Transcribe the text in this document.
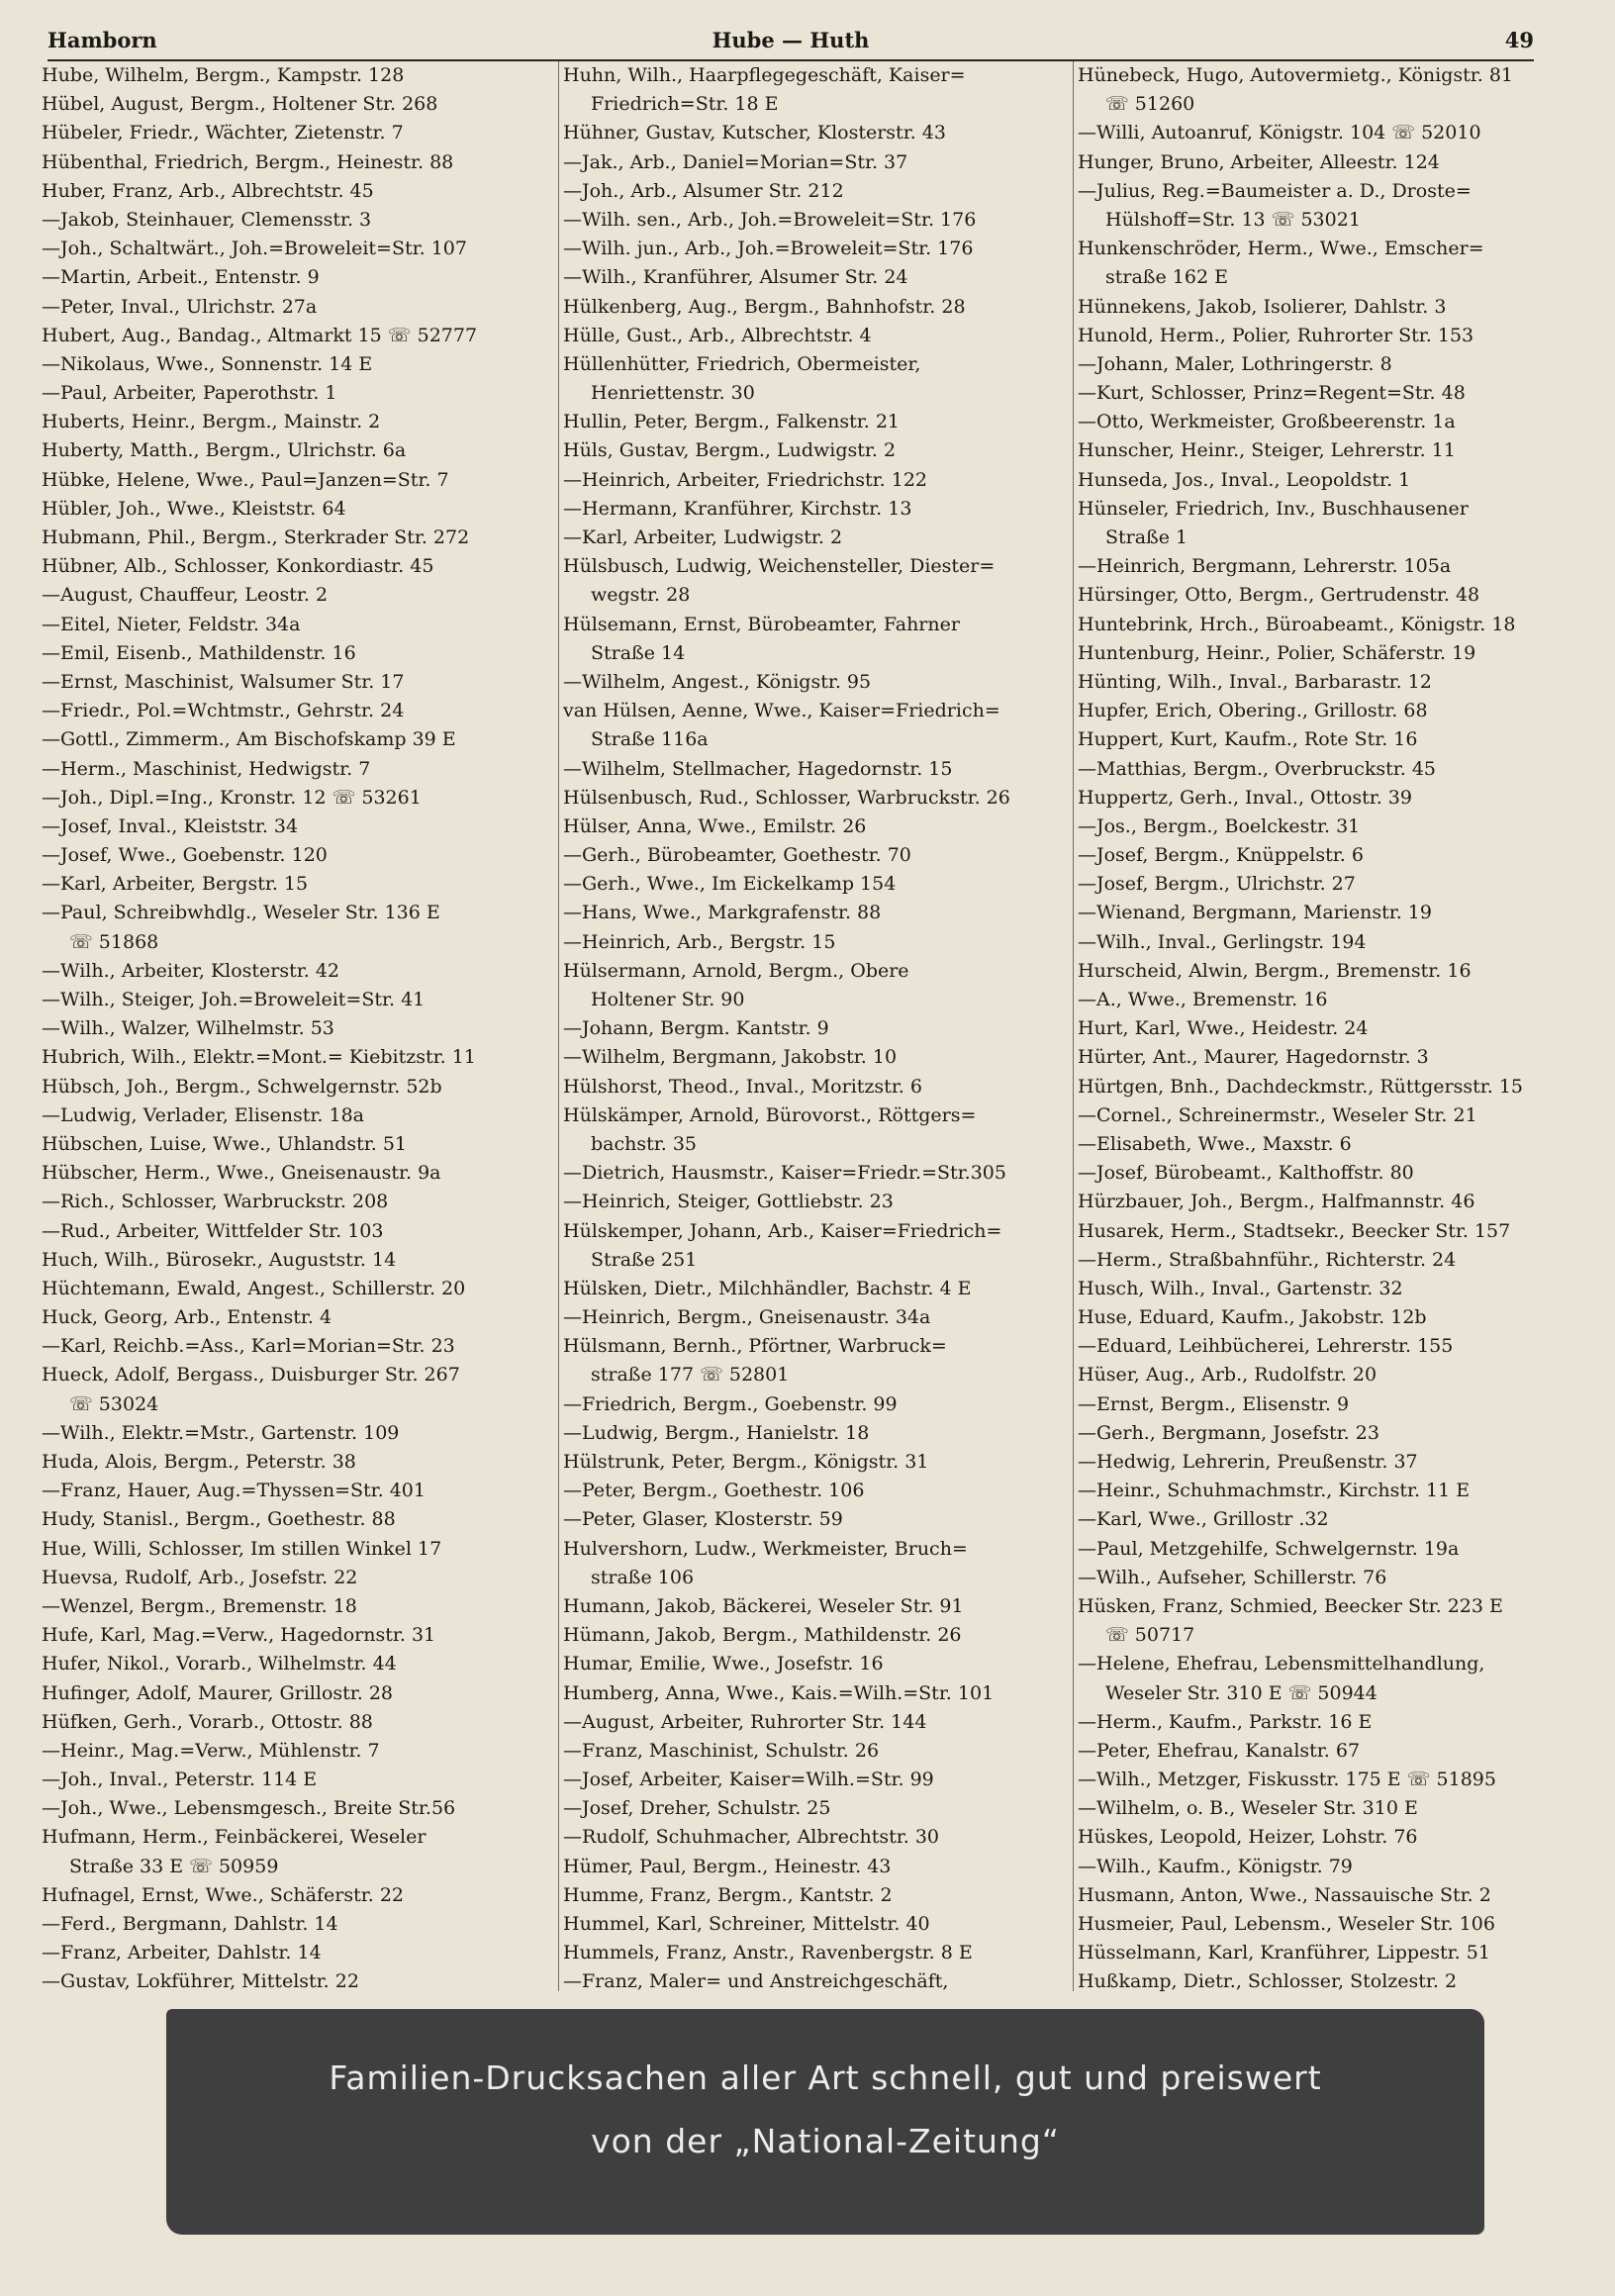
Hamborn	Hube — Huth	49
Hube, Wilhelm, Bergm., Kampstr. 128
Hübel, August, Bergm., Holtener Str. 268
Hübeler, Friedr., Wächter, Zietenstr. 7
Hübenthal, Friedrich, Bergm., Heinestr. 88
Huber, Franz, Arb., Albrechtstr. 45
—Jakob, Steinhauer, Clemensstr. 3
—Joh., Schaltwärt., Joh.=Broweleit=Str. 107
—Martin, Arbeit., Entenstr. 9
—Peter, Inval., Ulrichstr. 27a
Hubert, Aug., Bandag., Altmarkt 15 ☏ 52777
—Nikolaus, Wwe., Sonnenstr. 14 E
—Paul, Arbeiter, Paperothstr. 1
Huberts, Heinr., Bergm., Mainstr. 2
Huberty, Matth., Bergm., Ulrichstr. 6a
Hübke, Helene, Wwe., Paul=Janzen=Str. 7
Hübler, Joh., Wwe., Kleiststr. 64
Hubmann, Phil., Bergm., Sterkrader Str. 272
Hübner, Alb., Schlosser, Konkordiastr. 45
—August, Chauffeur, Leostr. 2
—Eitel, Nieter, Feldstr. 34a
—Emil, Eisenb., Mathildenstr. 16
—Ernst, Maschinist, Walsumer Str. 17
—Friedr., Pol.=Wchtmstr., Gehrstr. 24
—Gottl., Zimmerm., Am Bischofskamp 39 E
—Herm., Maschinist, Hedwigstr. 7
—Joh., Dipl.=Ing., Kronstr. 12 ☏ 53261
—Josef, Inval., Kleiststr. 34
—Josef, Wwe., Goebenstr. 120
—Karl, Arbeiter, Bergstr. 15
—Paul, Schreibwhdlg., Weseler Str. 136 E
☏ 51868
—Wilh., Arbeiter, Klosterstr. 42
—Wilh., Steiger, Joh.=Broweleit=Str. 41
—Wilh., Walzer, Wilhelmstr. 53
Hubrich, Wilh., Elektr.=Mont.= Kiebitzstr. 11
Hübsch, Joh., Bergm., Schwelgernstr. 52b
—Ludwig, Verlader, Elisenstr. 18a
Hübschen, Luise, Wwe., Uhlandstr. 51
Hübscher, Herm., Wwe., Gneisenaustr. 9a
—Rich., Schlosser, Warbruckstr. 208
—Rud., Arbeiter, Wittfelder Str. 103
Huch, Wilh., Bürosekr., Auguststr. 14
Hüchtemann, Ewald, Angest., Schillerstr. 20
Huck, Georg, Arb., Entenstr. 4
—Karl, Reichb.=Ass., Karl=Morian=Str. 23
Hueck, Adolf, Bergass., Duisburger Str. 267
☏ 53024
—Wilh., Elektr.=Mstr., Gartenstr. 109
Huda, Alois, Bergm., Peterstr. 38
—Franz, Hauer, Aug.=Thyssen=Str. 401
Hudy, Stanisl., Bergm., Goethestr. 88
Hue, Willi, Schlosser, Im stillen Winkel 17
Huevsa, Rudolf, Arb., Josefstr. 22
—Wenzel, Bergm., Bremenstr. 18
Hufe, Karl, Mag.=Verw., Hagedornstr. 31
Hufer, Nikol., Vorarb., Wilhelmstr. 44
Hufinger, Adolf, Maurer, Grillostr. 28
Hüfken, Gerh., Vorarb., Ottostr. 88
—Heinr., Mag.=Verw., Mühlenstr. 7
—Joh., Inval., Peterstr. 114 E
—Joh., Wwe., Lebensmgesch., Breite Str.56
Hufmann, Herm., Feinbäckerei, Weseler
Straße 33 E ☏ 50959
Hufnagel, Ernst, Wwe., Schäferstr. 22
—Ferd., Bergmann, Dahlstr. 14
—Franz, Arbeiter, Dahlstr. 14
—Gustav, Lokführer, Mittelstr. 22
Huhn, Wilh., Haarpflegegeschäft, Kaiser=
Friedrich=Str. 18 E
Hühner, Gustav, Kutscher, Klosterstr. 43
—Jak., Arb., Daniel=Morian=Str. 37
—Joh., Arb., Alsumer Str. 212
—Wilh. sen., Arb., Joh.=Broweleit=Str. 176
—Wilh. jun., Arb., Joh.=Broweleit=Str. 176
—Wilh., Kranführer, Alsumer Str. 24
Hülkenberg, Aug., Bergm., Bahnhofstr. 28
Hülle, Gust., Arb., Albrechtstr. 4
Hüllenhütter, Friedrich, Obermeister,
Henriettenstr. 30
Hullin, Peter, Bergm., Falkenstr. 21
Hüls, Gustav, Bergm., Ludwigstr. 2
—Heinrich, Arbeiter, Friedrichstr. 122
—Hermann, Kranführer, Kirchstr. 13
—Karl, Arbeiter, Ludwigstr. 2
Hülsbusch, Ludwig, Weichensteller, Diester=
wegstr. 28
Hülsemann, Ernst, Bürobeamter, Fahrner
Straße 14
—Wilhelm, Angest., Königstr. 95
van Hülsen, Aenne, Wwe., Kaiser=Friedrich=
Straße 116a
—Wilhelm, Stellmacher, Hagedornstr. 15
Hülsenbusch, Rud., Schlosser, Warbruckstr. 26
Hülser, Anna, Wwe., Emilstr. 26
—Gerh., Bürobeamter, Goethestr. 70
—Gerh., Wwe., Im Eickelkamp 154
—Hans, Wwe., Markgrafenstr. 88
—Heinrich, Arb., Bergstr. 15
Hülsermann, Arnold, Bergm., Obere
Holtener Str. 90
—Johann, Bergm. Kantstr. 9
—Wilhelm, Bergmann, Jakobstr. 10
Hülshorst, Theod., Inval., Moritzstr. 6
Hülskämper, Arnold, Bürovorst., Röttgers=
bachstr. 35
—Dietrich, Hausmstr., Kaiser=Friedr.=Str.305
—Heinrich, Steiger, Gottliebstr. 23
Hülskemper, Johann, Arb., Kaiser=Friedrich=
Straße 251
Hülsken, Dietr., Milchhändler, Bachstr. 4 E
—Heinrich, Bergm., Gneisenaustr. 34a
Hülsmann, Bernh., Pförtner, Warbruck=
straße 177 ☏ 52801
—Friedrich, Bergm., Goebenstr. 99
—Ludwig, Bergm., Hanielstr. 18
Hülstrunk, Peter, Bergm., Königstr. 31
—Peter, Bergm., Goethestr. 106
—Peter, Glaser, Klosterstr. 59
Hulvershorn, Ludw., Werkmeister, Bruch=
straße 106
Humann, Jakob, Bäckerei, Weseler Str. 91
Hümann, Jakob, Bergm., Mathildenstr. 26
Humar, Emilie, Wwe., Josefstr. 16
Humberg, Anna, Wwe., Kais.=Wilh.=Str. 101
—August, Arbeiter, Ruhrorter Str. 144
—Franz, Maschinist, Schulstr. 26
—Josef, Arbeiter, Kaiser=Wilh.=Str. 99
—Josef, Dreher, Schulstr. 25
—Rudolf, Schuhmacher, Albrechtstr. 30
Hümer, Paul, Bergm., Heinestr. 43
Humme, Franz, Bergm., Kantstr. 2
Hummel, Karl, Schreiner, Mittelstr. 40
Hummels, Franz, Anstr., Ravenbergstr. 8 E
—Franz, Maler= und Anstreichgeschäft,
Hünebeck, Hugo, Autovermietg., Königstr. 81
☏ 51260
—Willi, Autoanruf, Königstr. 104 ☏ 52010
Hunger, Bruno, Arbeiter, Alleestr. 124
—Julius, Reg.=Baumeister a. D., Droste=
Hülshoff=Str. 13 ☏ 53021
Hunkenschröder, Herm., Wwe., Emscher=
straße 162 E
Hünnekens, Jakob, Isolierer, Dahlstr. 3
Hunold, Herm., Polier, Ruhrorter Str. 153
—Johann, Maler, Lothringerstr. 8
—Kurt, Schlosser, Prinz=Regent=Str. 48
—Otto, Werkmeister, Großbeerenstr. 1a
Hunscher, Heinr., Steiger, Lehrerstr. 11
Hunseda, Jos., Inval., Leopoldstr. 1
Hünseler, Friedrich, Inv., Buschhausener
Straße 1
—Heinrich, Bergmann, Lehrerstr. 105a
Hürsinger, Otto, Bergm., Gertrudenstr. 48
Huntebrink, Hrch., Büroabeamt., Königstr. 18
Huntenburg, Heinr., Polier, Schäferstr. 19
Hünting, Wilh., Inval., Barbarastr. 12
Hupfer, Erich, Obering., Grillostr. 68
Huppert, Kurt, Kaufm., Rote Str. 16
—Matthias, Bergm., Overbruckstr. 45
Huppertz, Gerh., Inval., Ottostr. 39
—Jos., Bergm., Boelckestr. 31
—Josef, Bergm., Knüppelstr. 6
—Josef, Bergm., Ulrichstr. 27
—Wienand, Bergmann, Marienstr. 19
—Wilh., Inval., Gerlingstr. 194
Hurscheid, Alwin, Bergm., Bremenstr. 16
—A., Wwe., Bremenstr. 16
Hurt, Karl, Wwe., Heidestr. 24
Hürter, Ant., Maurer, Hagedornstr. 3
Hürtgen, Bnh., Dachdeckmstr., Rüttgersstr. 15
—Cornel., Schreinermstr., Weseler Str. 21
—Elisabeth, Wwe., Maxstr. 6
—Josef, Bürobeamt., Kalthoffstr. 80
Hürzbauer, Joh., Bergm., Halfmannstr. 46
Husarek, Herm., Stadtsekr., Beecker Str. 157
—Herm., Straßbahnführ., Richterstr. 24
Husch, Wilh., Inval., Gartenstr. 32
Huse, Eduard, Kaufm., Jakobstr. 12b
—Eduard, Leihbücherei, Lehrerstr. 155
Hüser, Aug., Arb., Rudolfstr. 20
—Ernst, Bergm., Elisenstr. 9
—Gerh., Bergmann, Josefstr. 23
—Hedwig, Lehrerin, Preußenstr. 37
—Heinr., Schuhmachmstr., Kirchstr. 11 E
—Karl, Wwe., Grillostr .32
—Paul, Metzgehilfe, Schwelgernstr. 19a
—Wilh., Aufseher, Schillerstr. 76
Hüsken, Franz, Schmied, Beecker Str. 223 E
☏ 50717
—Helene, Ehefrau, Lebensmittelhandlung,
Weseler Str. 310 E ☏ 50944
—Herm., Kaufm., Parkstr. 16 E
—Peter, Ehefrau, Kanalstr. 67
—Wilh., Metzger, Fiskusstr. 175 E ☏ 51895
—Wilhelm, o. B., Weseler Str. 310 E
Hüskes, Leopold, Heizer, Lohstr. 76
—Wilh., Kaufm., Königstr. 79
Husmann, Anton, Wwe., Nassauische Str. 2
Husmeier, Paul, Lebensm., Weseler Str. 106
Hüsselmann, Karl, Kranführer, Lippestr. 51
Hußkamp, Dietr., Schlosser, Stolzestr. 2
Familien-Drucksachen aller Art schnell, gut und preiswert
von der „National-Zeitung“
